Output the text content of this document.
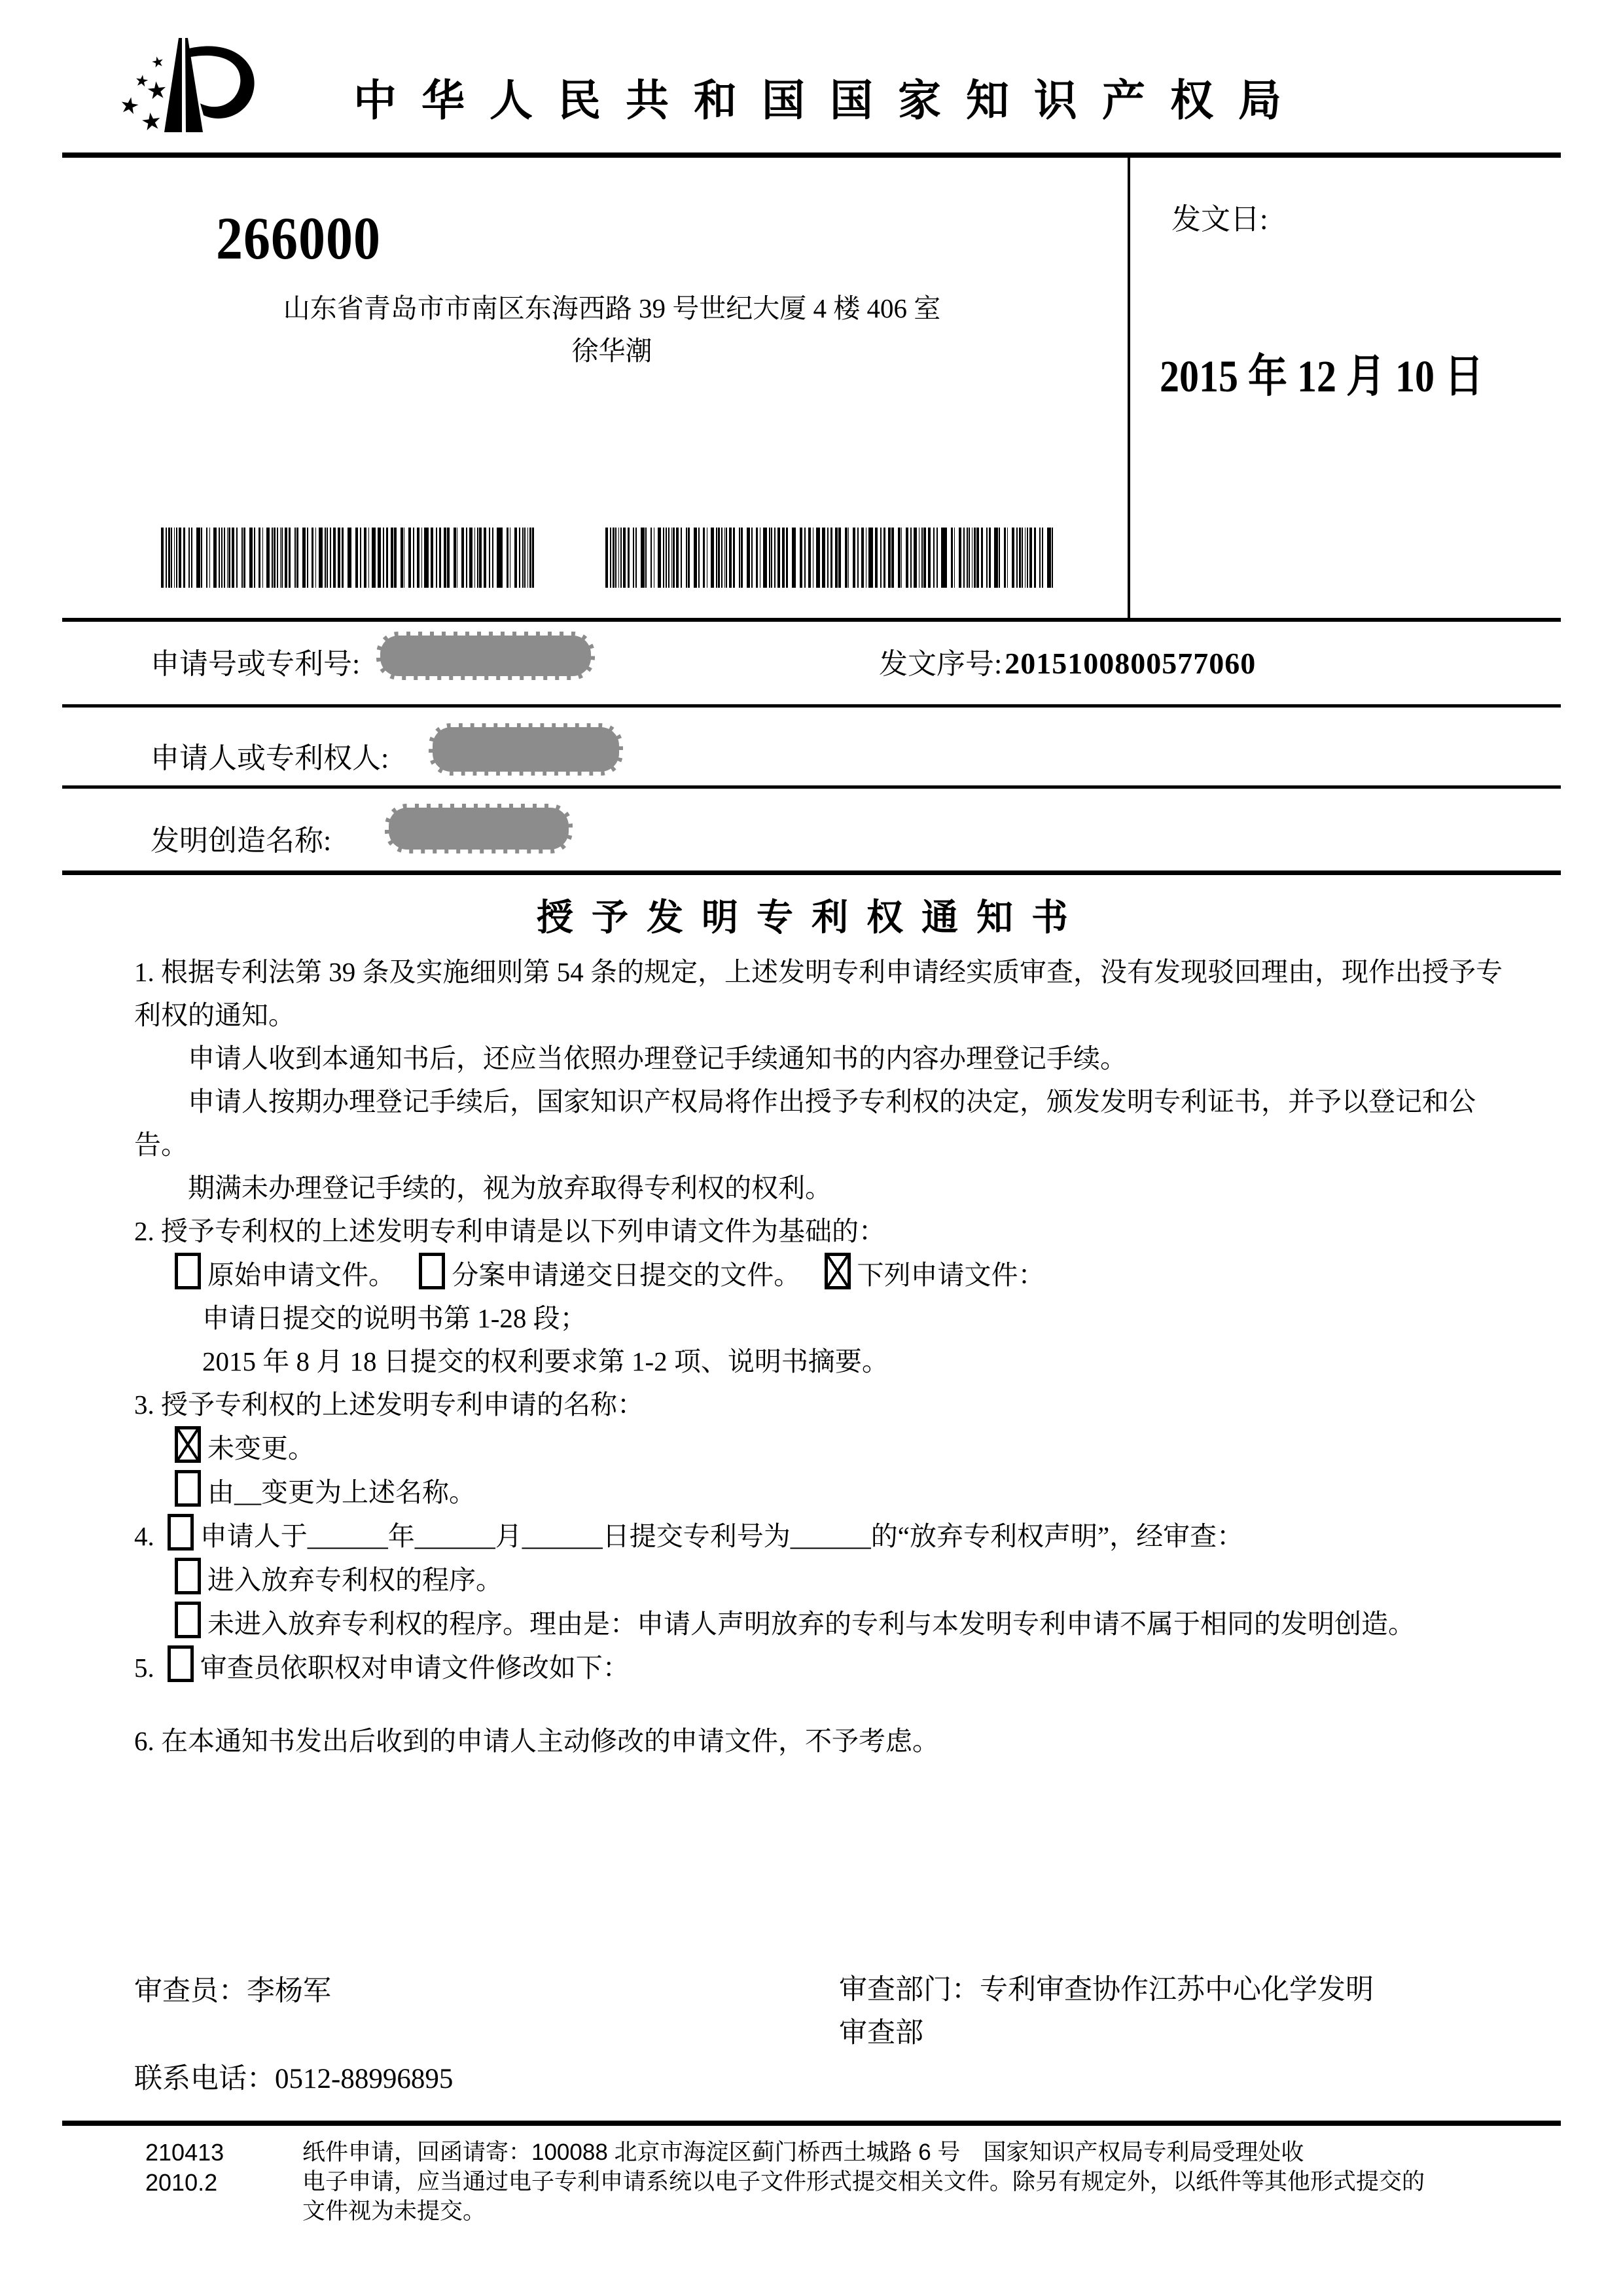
★
★
★
★
★	中华人民共和国国家知识产权局
266000
山东省青岛市市南区东海西路 39 号世纪大厦 4 楼 406 室
徐华潮
发文日:
2015 年 12 月 10 日
申请号或专利号:	发文序号: 2015100800577060
申请人或专利权人:
发明创造名称:
授予发明专利权通知书

1. 根据专利法第 39 条及实施细则第 54 条的规定，上述发明专利申请经实质审查，没有发现驳回理由，现作出授予专利权的通知。

申请人收到本通知书后，还应当依照办理登记手续通知书的内容办理登记手续。

申请人按期办理登记手续后，国家知识产权局将作出授予专利权的决定，颁发发明专利证书，并予以登记和公告。

期满未办理登记手续的，视为放弃取得专利权的权利。

2. 授予专利权的上述发明专利申请是以下列申请文件为基础的：

原始申请文件。 分案申请递交日提交的文件。 下列申请文件：

申请日提交的说明书第 1-28 段；

2015 年 8 月 18 日提交的权利要求第 1-2 项、说明书摘要。

3. 授予专利权的上述发明专利申请的名称：

未变更。

由__变更为上述名称。

4. 申请人于______年______月______日提交专利号为______的“放弃专利权声明”，经审查：

进入放弃专利权的程序。

未进入放弃专利权的程序。理由是：申请人声明放弃的专利与本发明专利申请不属于相同的发明创造。

5. 审查员依职权对申请文件修改如下：

6. 在本通知书发出后收到的申请人主动修改的申请文件，不予考虑。

审查员：李杨军	审查部门：专利审查协作江苏中心化学发明
审查部
联系电话：0512-88996895
210413
2010.2
纸件申请，回函请寄：100088 北京市海淀区蓟门桥西土城路 6 号　国家知识产权局专利局受理处收
电子申请，应当通过电子专利申请系统以电子文件形式提交相关文件。除另有规定外，以纸件等其他形式提交的
文件视为未提交。
